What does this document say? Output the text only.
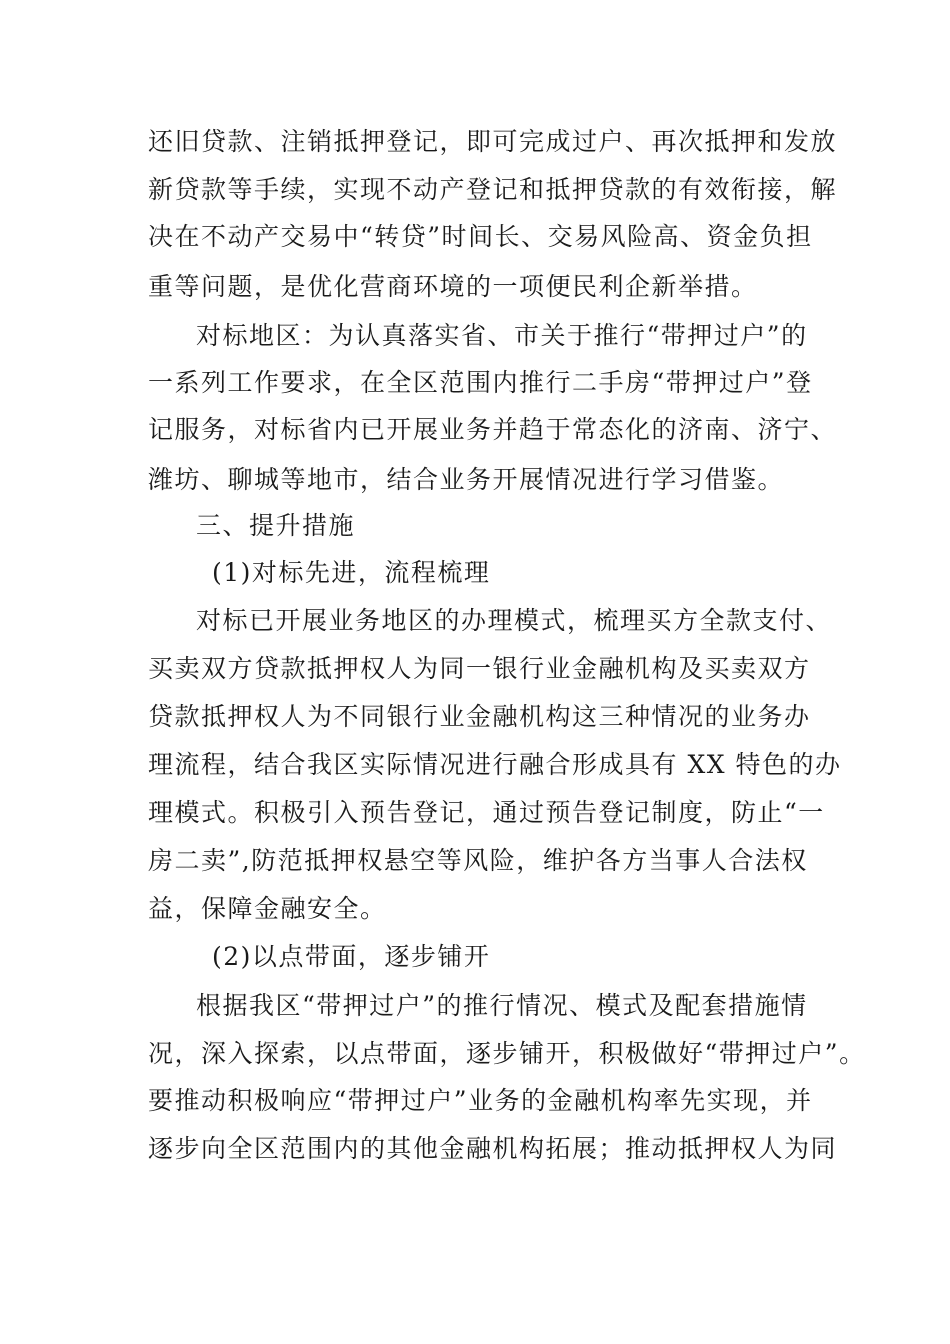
还旧贷款、注销抵押登记，即可完成过户、再次抵押和发放
新贷款等手续，实现不动产登记和抵押贷款的有效衔接，解
决在不动产交易中“转贷”时间长、交易风险高、资金负担
重等问题，是优化营商环境的一项便民利企新举措。
对标地区：为认真落实省、市关于推行“带押过户”的
一系列工作要求，在全区范围内推行二手房“带押过户”登
记服务，对标省内已开展业务并趋于常态化的济南、济宁、
潍坊、聊城等地市，结合业务开展情况进行学习借鉴。
三、提升措施
(1)对标先进，流程梳理
对标已开展业务地区的办理模式，梳理买方全款支付、
买卖双方贷款抵押权人为同一银行业金融机构及买卖双方
贷款抵押权人为不同银行业金融机构这三种情况的业务办
理流程，结合我区实际情况进行融合形成具有 XX 特色的办
理模式。积极引入预告登记，通过预告登记制度，防止“一
房二卖”,防范抵押权悬空等风险，维护各方当事人合法权
益，保障金融安全。
(2)以点带面，逐步铺开
根据我区“带押过户”的推行情况、模式及配套措施情
况，深入探索，以点带面，逐步铺开，积极做好“带押过户”。
要推动积极响应“带押过户”业务的金融机构率先实现，并
逐步向全区范围内的其他金融机构拓展；推动抵押权人为同
